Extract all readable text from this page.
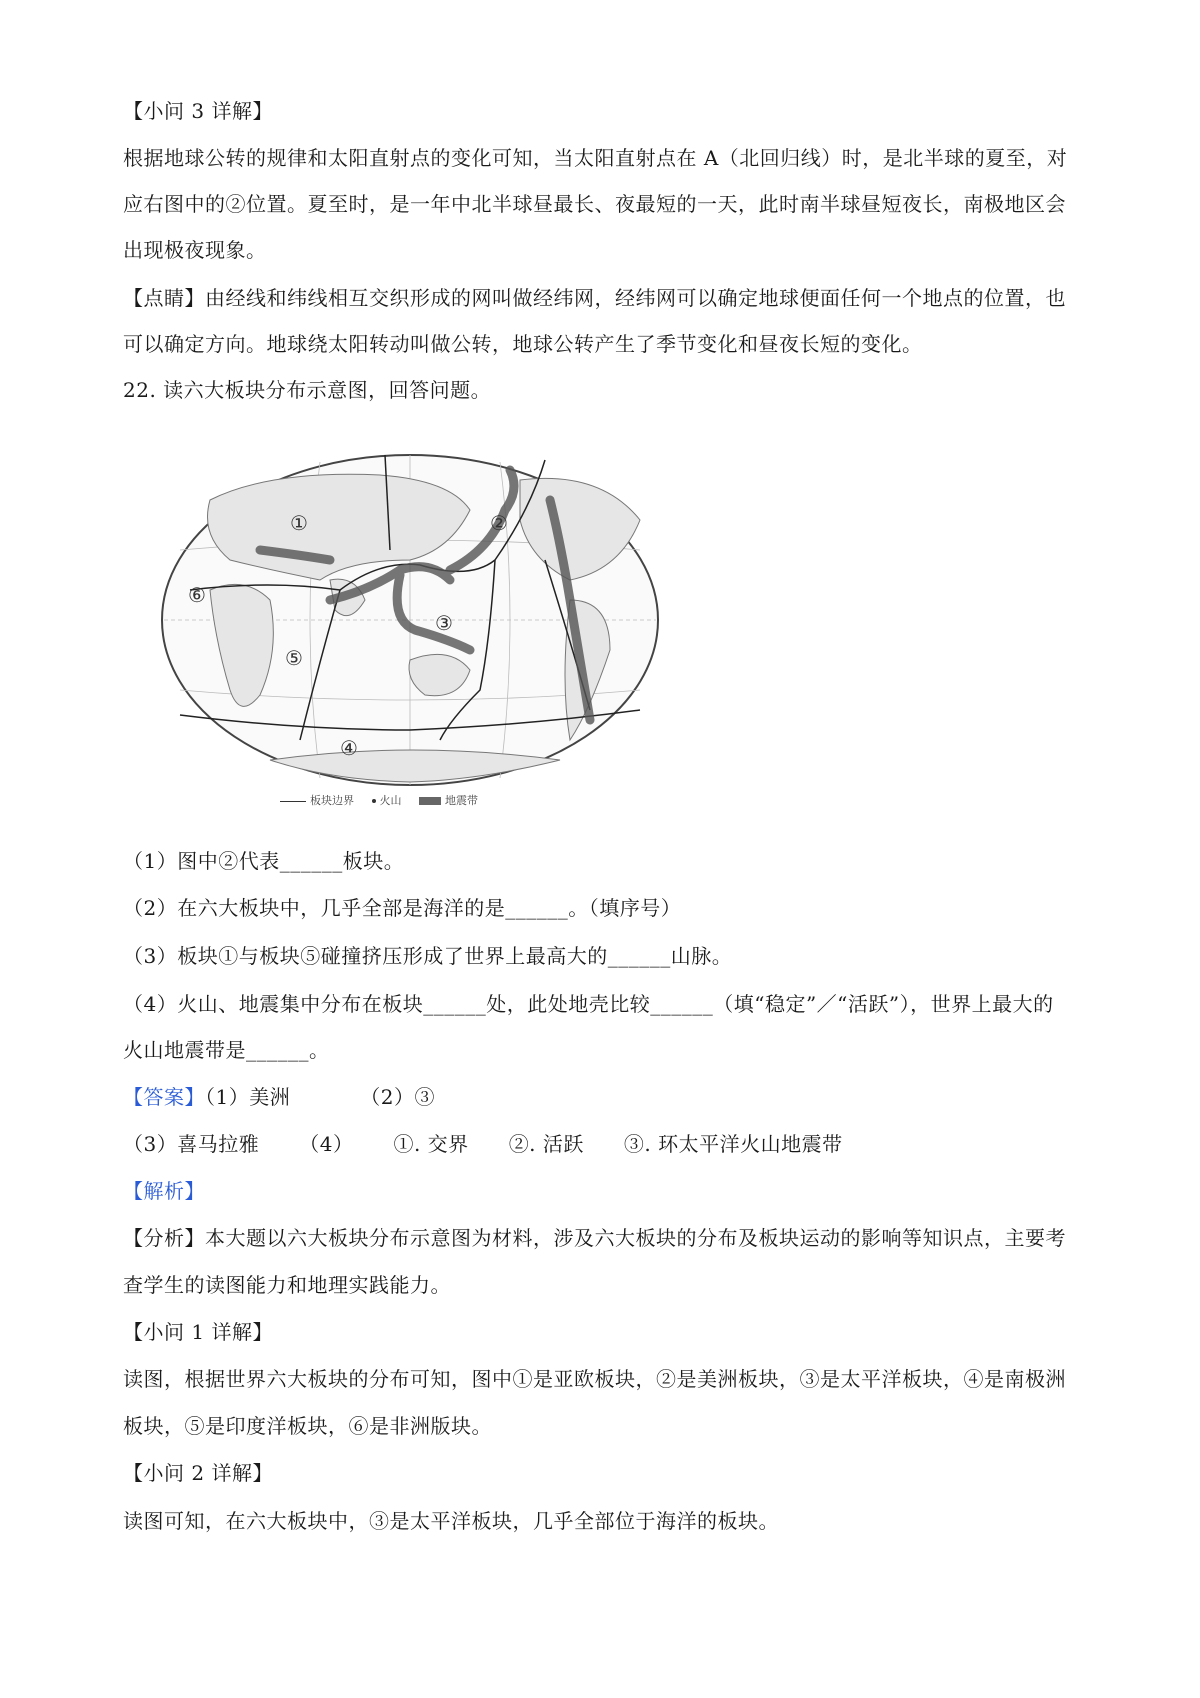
【小问 3 详解】
根据地球公转的规律和太阳直射点的变化可知，当太阳直射点在 A（北回归线）时，是北半球的夏至，对
应右图中的②位置。夏至时，是一年中北半球昼最长、夜最短的一天，此时南半球昼短夜长，南极地区会
出现极夜现象。
【点睛】由经线和纬线相互交织形成的网叫做经纬网，经纬网可以确定地球便面任何一个地点的位置，也
可以确定方向。地球绕太阳转动叫做公转，地球公转产生了季节变化和昼夜长短的变化。
22. 读六大板块分布示意图，回答问题。
①	②
③
④
⑤
⑥
板块边界 火山	地震带
（1）图中②代表______板块。
（2）在六大板块中，几乎全部是海洋的是______。（填序号）
（3）板块①与板块⑤碰撞挤压形成了世界上最高大的______山脉。
（4）火山、地震集中分布在板块______处，此处地壳比较______（填“稳定”／“活跃”），世界上最大的
火山地震带是______。
【答案】（1）美洲	（2）③
（3）喜马拉雅 （4） ①. 交界 ②. 活跃 ③. 环太平洋火山地震带
【解析】
【分析】本大题以六大板块分布示意图为材料，涉及六大板块的分布及板块运动的影响等知识点，主要考
查学生的读图能力和地理实践能力。
【小问 1 详解】
读图，根据世界六大板块的分布可知，图中①是亚欧板块，②是美洲板块，③是太平洋板块，④是南极洲
板块，⑤是印度洋板块，⑥是非洲版块。
【小问 2 详解】
读图可知，在六大板块中，③是太平洋板块，几乎全部位于海洋的板块。
